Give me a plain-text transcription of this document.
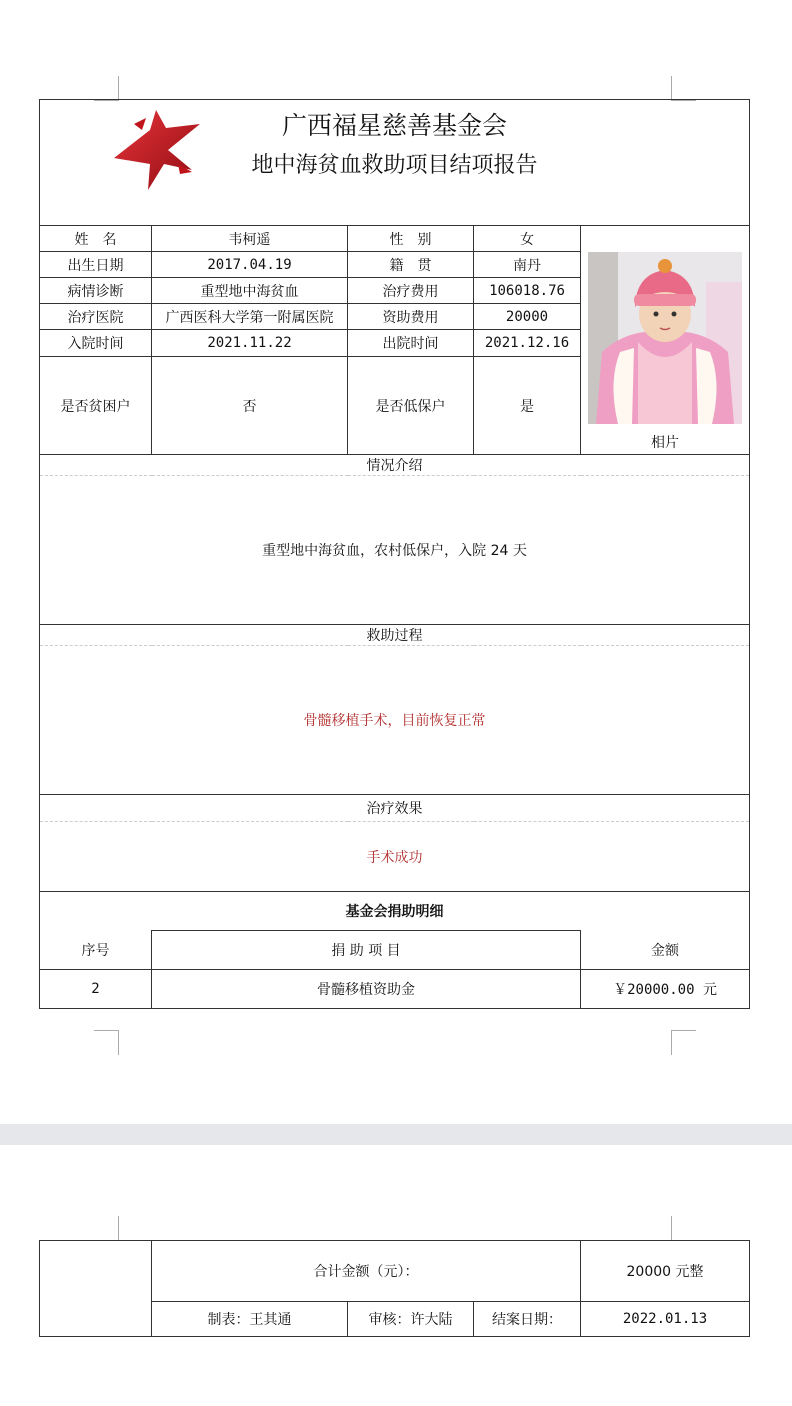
广西福星慈善基金会
地中海贫血救助项目结项报告				

姓　名	韦柯遥	性　别	女	相片

出生日期	2017.04.19	籍　贯	南丹	
病情诊断	重型地中海贫血	治疗费用	106018.76	
治疗医院	广西医科大学第一附属医院	资助费用	20000	
入院时间	2021.11.22	出院时间	2021.12.16	
是否贫困户	否	是否低保户	是	
情况介绍				
重型地中海贫血，农村低保户，入院 24 天				
救助过程				
骨髓移植手术，目前恢复正常				
治疗效果				
手术成功				
基金会捐助明细				
序号	捐 助 项 目			金额
2	骨髓移植资助金			￥20000.00 元
	合计金额（元）：			20000 元整
	制表：王其通	审核：许大陆	结案日期：	2022.01.13
